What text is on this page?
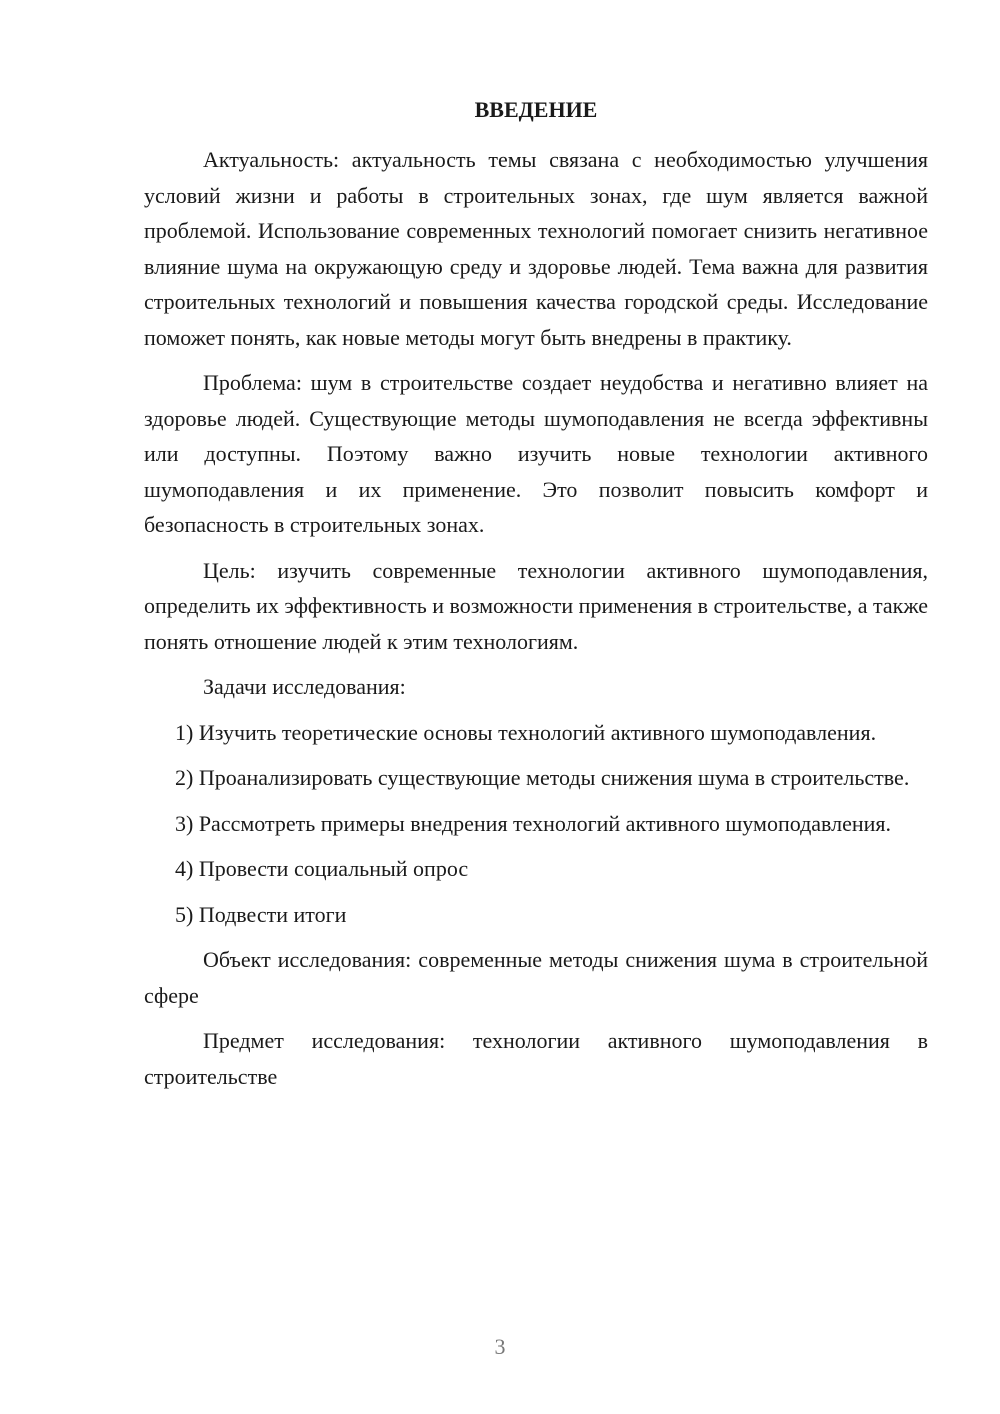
ВВЕДЕНИЕ

Актуальность: актуальность темы связана с необходимостью улучшения условий жизни и работы в строительных зонах, где шум является важной проблемой. Использование современных технологий помогает снизить негативное влияние шума на окружающую среду и здоровье людей. Тема важна для развития строительных технологий и повышения качества городской среды. Исследование поможет понять, как новые методы могут быть внедрены в практику.

Проблема: шум в строительстве создает неудобства и негативно влияет на здоровье людей. Существующие методы шумоподавления не всегда эффективны или доступны. Поэтому важно изучить новые технологии активного шумоподавления и их применение. Это позволит повысить комфорт и безопасность в строительных зонах.

Цель: изучить современные технологии активного шумоподавления, определить их эффективность и возможности применения в строительстве, а также понять отношение людей к этим технологиям.

Задачи исследования:

1) Изучить теоретические основы технологий активного шумоподавления.

2) Проанализировать существующие методы снижения шума в строительстве.

3) Рассмотреть примеры внедрения технологий активного шумоподавления.

4) Провести социальный опрос

5) Подвести итоги

Объект исследования: современные методы снижения шума в строительной сфере

Предмет исследования: технологии активного шумоподавления в строительстве

3
